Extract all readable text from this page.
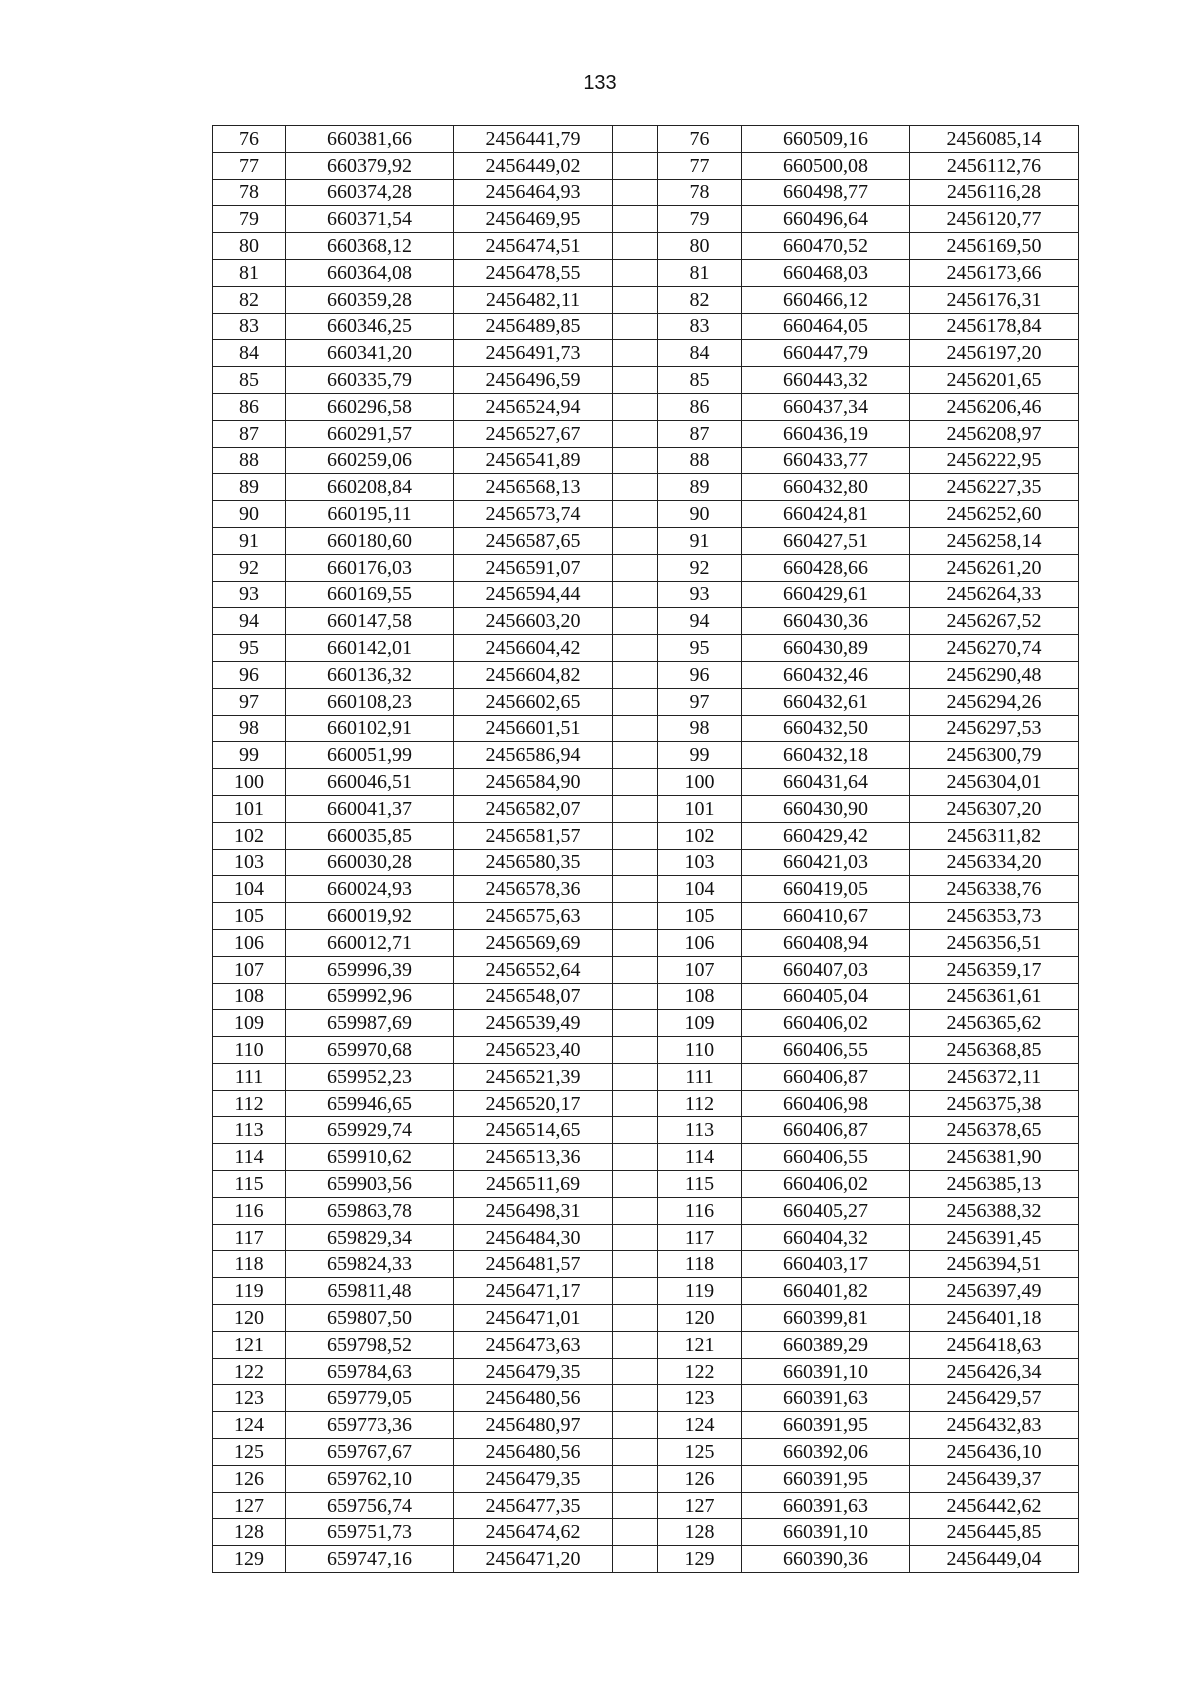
133
76	660381,66	2456441,79		76	660509,16	2456085,14
77	660379,92	2456449,02		77	660500,08	2456112,76
78	660374,28	2456464,93		78	660498,77	2456116,28
79	660371,54	2456469,95		79	660496,64	2456120,77
80	660368,12	2456474,51		80	660470,52	2456169,50
81	660364,08	2456478,55		81	660468,03	2456173,66
82	660359,28	2456482,11		82	660466,12	2456176,31
83	660346,25	2456489,85		83	660464,05	2456178,84
84	660341,20	2456491,73		84	660447,79	2456197,20
85	660335,79	2456496,59		85	660443,32	2456201,65
86	660296,58	2456524,94		86	660437,34	2456206,46
87	660291,57	2456527,67		87	660436,19	2456208,97
88	660259,06	2456541,89		88	660433,77	2456222,95
89	660208,84	2456568,13		89	660432,80	2456227,35
90	660195,11	2456573,74		90	660424,81	2456252,60
91	660180,60	2456587,65		91	660427,51	2456258,14
92	660176,03	2456591,07		92	660428,66	2456261,20
93	660169,55	2456594,44		93	660429,61	2456264,33
94	660147,58	2456603,20		94	660430,36	2456267,52
95	660142,01	2456604,42		95	660430,89	2456270,74
96	660136,32	2456604,82		96	660432,46	2456290,48
97	660108,23	2456602,65		97	660432,61	2456294,26
98	660102,91	2456601,51		98	660432,50	2456297,53
99	660051,99	2456586,94		99	660432,18	2456300,79
100	660046,51	2456584,90		100	660431,64	2456304,01
101	660041,37	2456582,07		101	660430,90	2456307,20
102	660035,85	2456581,57		102	660429,42	2456311,82
103	660030,28	2456580,35		103	660421,03	2456334,20
104	660024,93	2456578,36		104	660419,05	2456338,76
105	660019,92	2456575,63		105	660410,67	2456353,73
106	660012,71	2456569,69		106	660408,94	2456356,51
107	659996,39	2456552,64		107	660407,03	2456359,17
108	659992,96	2456548,07		108	660405,04	2456361,61
109	659987,69	2456539,49		109	660406,02	2456365,62
110	659970,68	2456523,40		110	660406,55	2456368,85
111	659952,23	2456521,39		111	660406,87	2456372,11
112	659946,65	2456520,17		112	660406,98	2456375,38
113	659929,74	2456514,65		113	660406,87	2456378,65
114	659910,62	2456513,36		114	660406,55	2456381,90
115	659903,56	2456511,69		115	660406,02	2456385,13
116	659863,78	2456498,31		116	660405,27	2456388,32
117	659829,34	2456484,30		117	660404,32	2456391,45
118	659824,33	2456481,57		118	660403,17	2456394,51
119	659811,48	2456471,17		119	660401,82	2456397,49
120	659807,50	2456471,01		120	660399,81	2456401,18
121	659798,52	2456473,63		121	660389,29	2456418,63
122	659784,63	2456479,35		122	660391,10	2456426,34
123	659779,05	2456480,56		123	660391,63	2456429,57
124	659773,36	2456480,97		124	660391,95	2456432,83
125	659767,67	2456480,56		125	660392,06	2456436,10
126	659762,10	2456479,35		126	660391,95	2456439,37
127	659756,74	2456477,35		127	660391,63	2456442,62
128	659751,73	2456474,62		128	660391,10	2456445,85
129	659747,16	2456471,20		129	660390,36	2456449,04
